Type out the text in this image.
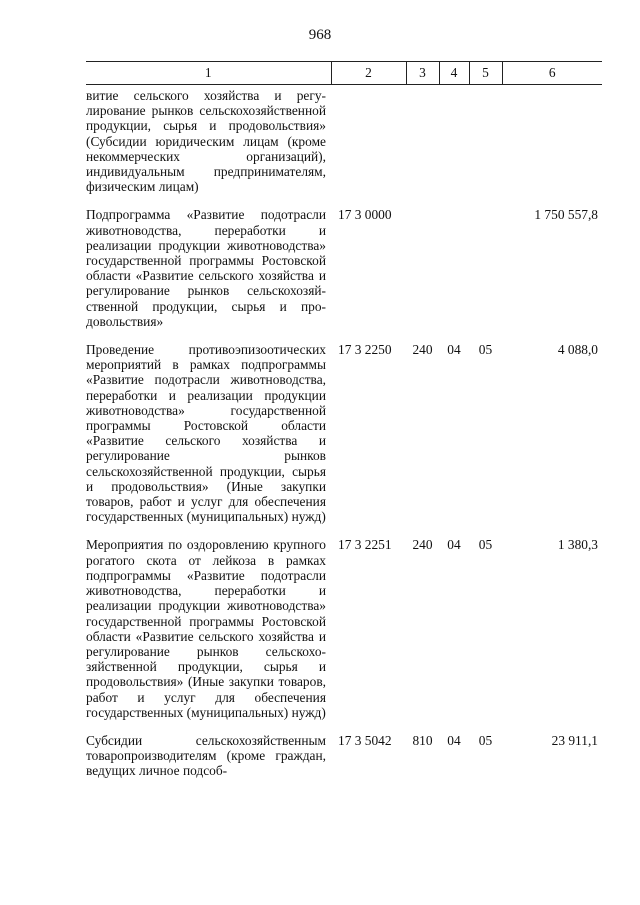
968
1	2	3	4	5	6
витие сельского хозяйства и регулирование рынков сельскохозяйственной продукции, сырья и продовольствия» (Субсидии юридическим лицам (кроме некоммерческих организаций), индивидуальным предпринимателям, физическим лицам)					
Подпрограмма «Развитие подотрасли животноводства, переработки и реализации продукции животноводства» государственной программы Ростовской области «Развитие сельского хозяйства и регулирование рынков сельскохозяйственной продукции, сырья и продовольствия»	17 3 0000				1 750 557,8
Проведение противоэпизоотических мероприятий в рамках подпрограммы «Развитие подотрасли животноводства, переработки и реализации продукции животноводства» государственной программы Ростовской области «Развитие сельского хозяйства и регулирование рынков сельскохозяйственной продукции, сырья и продовольствия» (Иные закупки товаров, работ и услуг для обеспечения государственных (муниципальных) нужд)	17 3 2250	240	04	05	4 088,0
Мероприятия по оздоровлению крупного рогатого скота от лейкоза в рамках подпрограммы «Развитие подотрасли животноводства, переработки и реализации продукции животноводства» государственной программы Ростовской области «Развитие сельского хозяйства и регулирование рынков сельскохозяйственной продукции, сырья и продовольствия» (Иные закупки товаров, работ и услуг для обеспечения государственных (муниципальных) нужд)	17 3 2251	240	04	05	1 380,3
Субсидии сельскохозяйственным товаропроизводителям (кроме граждан, ведущих личное подсоб-	17 3 5042	810	04	05	23 911,1
